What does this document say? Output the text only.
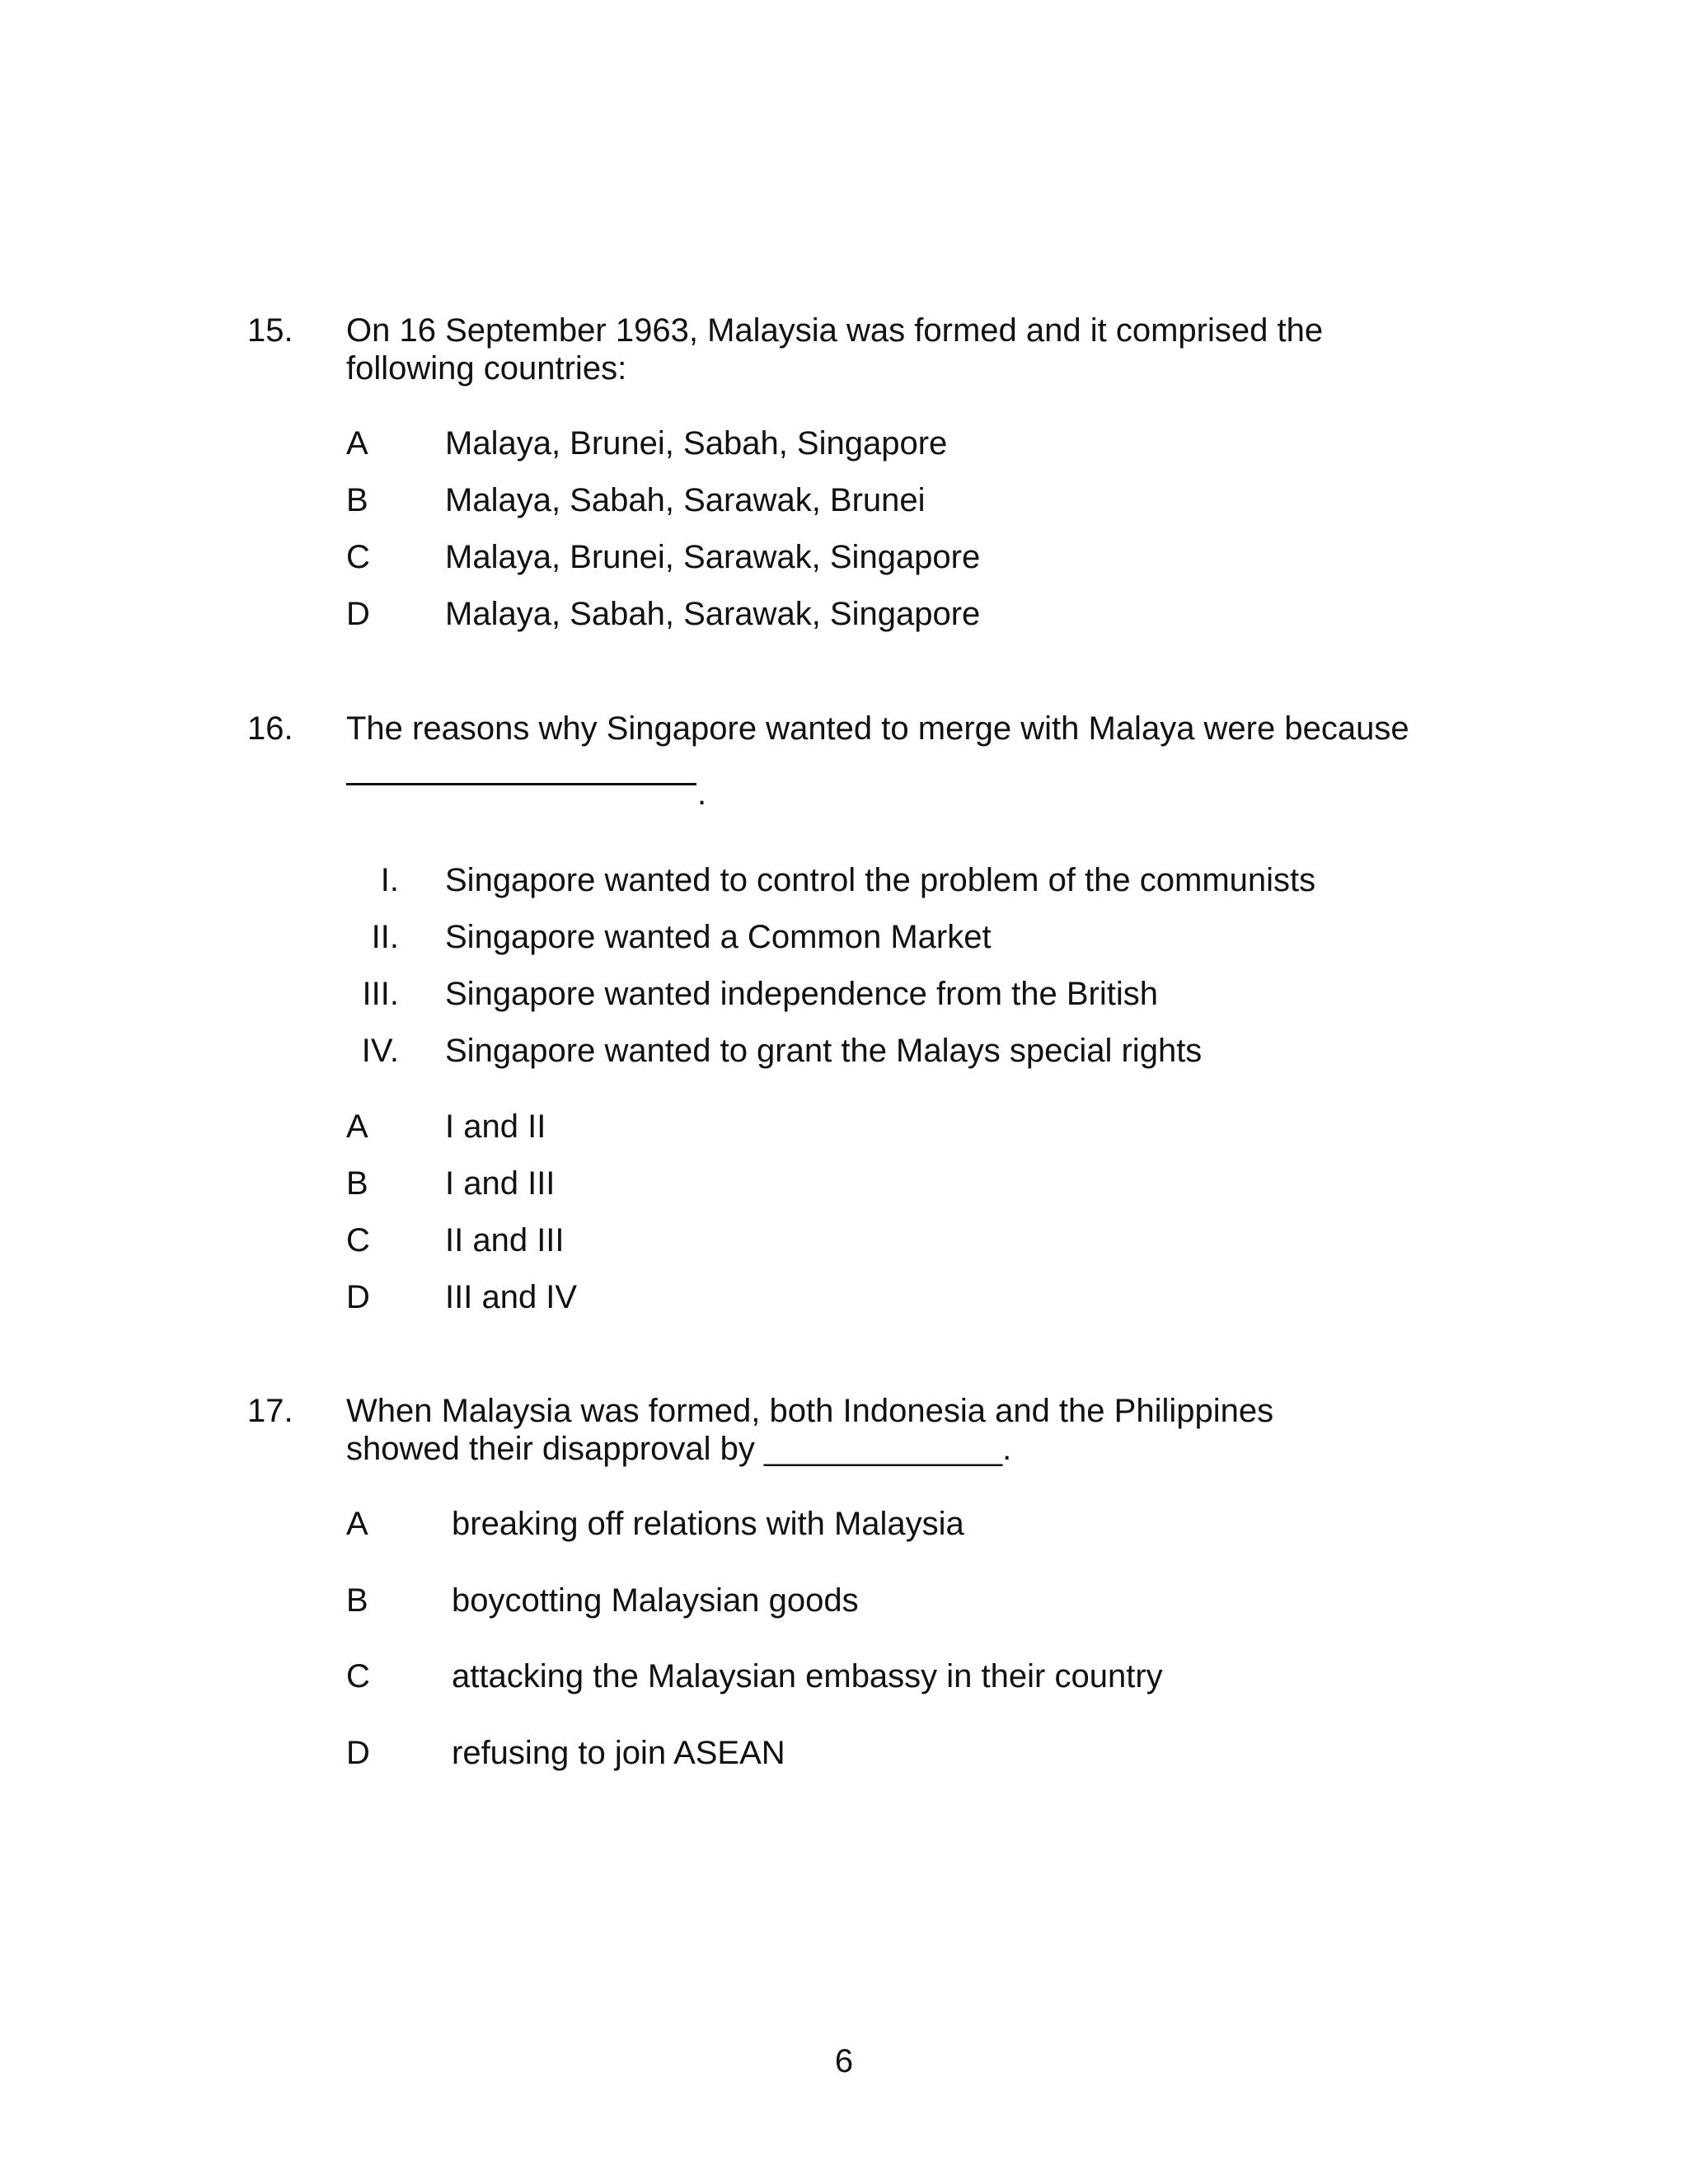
15. On 16 September 1963, Malaysia was formed and it comprised the
following countries:
A Malaya, Brunei, Sabah, Singapore
B Malaya, Sabah, Sarawak, Brunei
C Malaya, Brunei, Sarawak, Singapore
D Malaya, Sabah, Sarawak, Singapore
16. The reasons why Singapore wanted to merge with Malaya were because
.
I. Singapore wanted to control the problem of the communists
II. Singapore wanted a Common Market
III. Singapore wanted independence from the British
IV. Singapore wanted to grant the Malays special rights
A I and II
B I and III
C II and III
D III and IV
17. When Malaysia was formed, both Indonesia and the Philippines
showed their disapproval by _____________.
A	breaking off relations with Malaysia
B	boycotting Malaysian goods
C attacking the Malaysian embassy in their country
D refusing to join ASEAN
6
